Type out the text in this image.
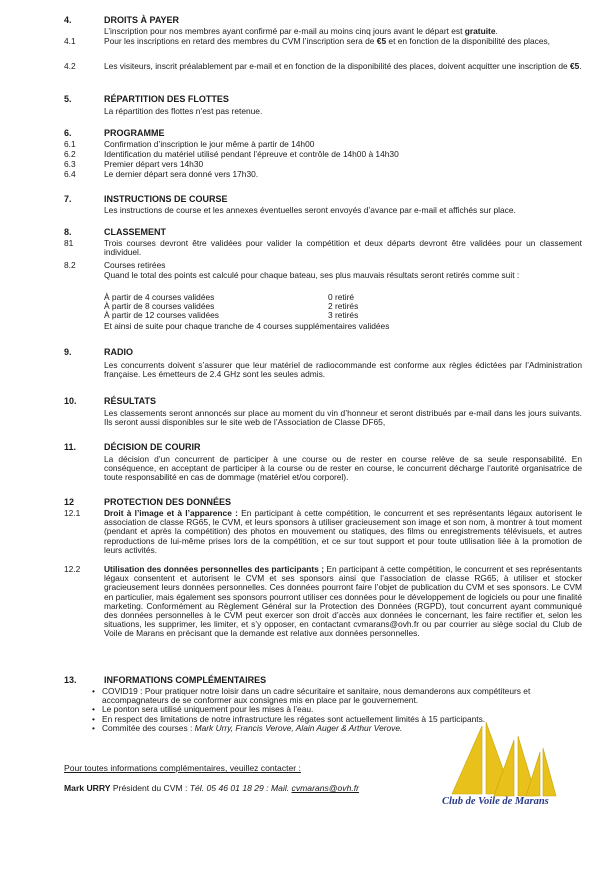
4.	DROITS À PAYER
L’inscription pour nos membres ayant confirmé par e-mail au moins cinq jours avant le départ est gratuite.
4.1	Pour les inscriptions en retard des membres du CVM l’inscription sera de €5 et en fonction de la disponibilité des places,
4.2	Les visiteurs, inscrit préalablement par e-mail et en fonction de la disponibilité des places, doivent acquitter une inscription de €5.
5.	RÉPARTITION DES FLOTTES
La répartition des flottes n’est pas retenue.
6.	PROGRAMME
6.1	Confirmation d’inscription le jour même à partir de 14h00
6.2	Identification du matériel utilisé pendant l’épreuve et contrôle de 14h00 à 14h30
6.3	Premier départ vers 14h30
6.4	Le dernier départ sera donné vers 17h30.
7.	INSTRUCTIONS DE COURSE
Les instructions de course et les annexes éventuelles seront envoyés d’avance par e-mail et affichés sur place.
8.	CLASSEMENT
81	Trois courses devront être validées pour valider la compétition et deux départs devront être validées pour un classement individuel.
8.2	Courses retirées
Quand le total des points est calculé pour chaque bateau, ses plus mauvais résultats seront retirés comme suit :
À partir de 4 courses validées	0 retiré
À partir de 8 courses validées	2 retirés
À partir de 12 courses validées	3 retirés
Et ainsi de suite pour chaque tranche de 4 courses supplémentaires validées
9.	RADIO
Les concurrents doivent s’assurer que leur matériel de radiocommande est conforme aux règles édictées par l’Administration française. Les émetteurs de 2.4 GHz sont les seules admis.
10.	RÉSULTATS
Les classements seront annoncés sur place au moment du vin d’honneur et seront distribués par e-mail dans les jours suivants. Ils seront aussi disponibles sur le site web de l’Association de Classe DF65,
11.	DÉCISION DE COURIR
La décision d’un concurrent de participer à une course ou de rester en course relève de sa seule responsabilité. En conséquence, en acceptant de participer à la course ou de rester en course, le concurrent décharge l’autorité organisatrice de toute responsabilité en cas de dommage (matériel et/ou corporel).
12	PROTECTION DES DONNÉES
12.1	Droit à l’image et à l’apparence : En participant à cette compétition, le concurrent et ses représentants légaux autorisent le association de classe RG65, le CVM, et leurs sponsors à utiliser gracieusement son image et son nom, à montrer à tout moment (pendant et après la compétition) des photos en mouvement ou statiques, des films ou enregistrements télévisuels, et autres reproductions de lui-même prises lors de la compétition, et ce sur tout support et pour toute utilisation liée à la promotion de leurs activités.
12.2	Utilisation des données personnelles des participants ; En participant à cette compétition, le concurrent et ses représentants légaux consentent et autorisent le CVM et ses sponsors ainsi que l’association de classe RG65, à utiliser et stocker gracieusement leurs données personnelles. Ces données pourront faire l’objet de publication du CVM et ses sponsors. Le CVM en particulier, mais également ses sponsors pourront utiliser ces données pour le développement de logiciels ou pour une finalité marketing. Conformément au Règlement Général sur la Protection des Données (RGPD), tout concurrent ayant communiqué des données personnelles à le CVM peut exercer son droit d’accès aux données le concernant, les faire rectifier et, selon les situations, les supprimer, les limiter, et s’y opposer, en contactant cvmarans@ovh.fr ou par courrier au siège social du Club de Voile de Marans en précisant que la demande est relative aux données personnelles.
13.	INFORMATIONS COMPLÉMENTAIRES
• COVID19 : Pour pratiquer notre loisir dans un cadre sécuritaire et sanitaire, nous demanderons aux compétiteurs et accompagnateurs de se conformer aux consignes mis en place par le gouvernement.
• Le ponton sera utilisé uniquement pour les mises à l’eau.
• En respect des limitations de notre infrastructure les régates sont actuellement limités à 15 participants.
• Commitée des courses : Mark Urry, Francis Verove, Alain Auger & Arthur Verove.
Club de Voile de Marans
Pour toutes informations complémentaires, veuillez contacter :
Mark URRY Président du CVM : Tél. 05 46 01 18 29 : Mail. cvmarans@ovh.fr
